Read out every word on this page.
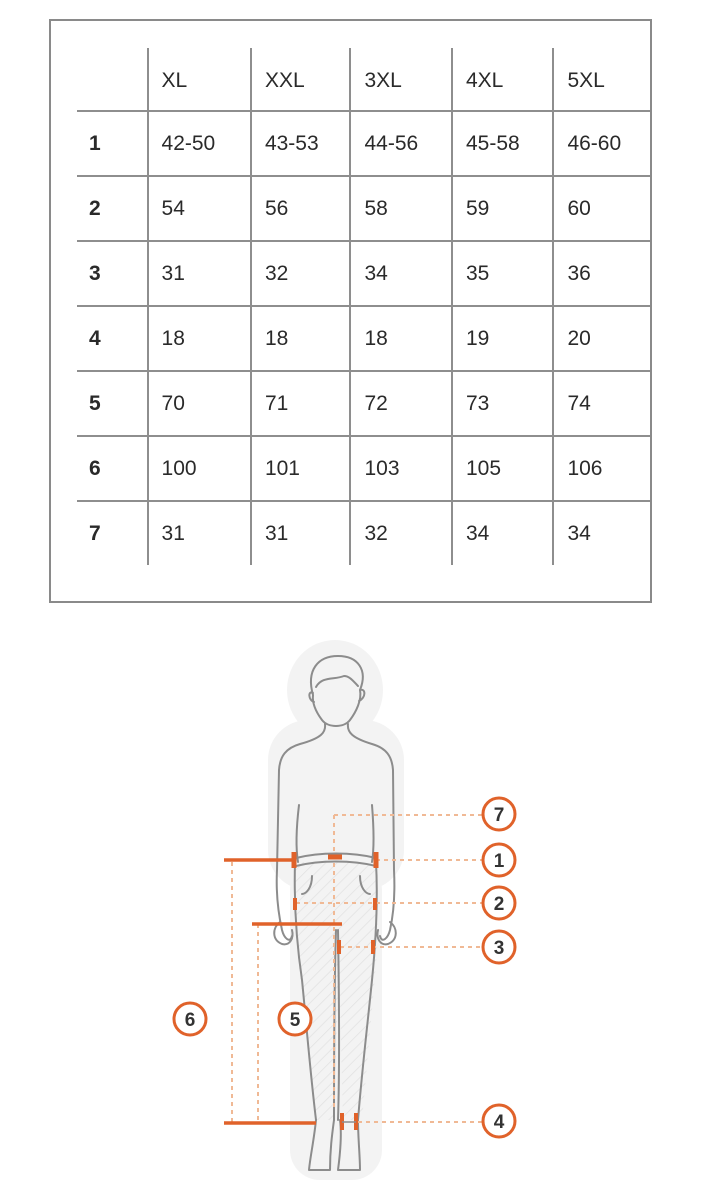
	XL	XXL	3XL	4XL	5XL
1	42-50	43-53	44-56	45-58	46-60
2	54	56	58	59	60
3	31	32	34	35	36
4	18	18	18	19	20
5	70	71	72	73	74
6	100	101	103	105	106
7	31	31	32	34	34
7
1
2
3
6	5
4
